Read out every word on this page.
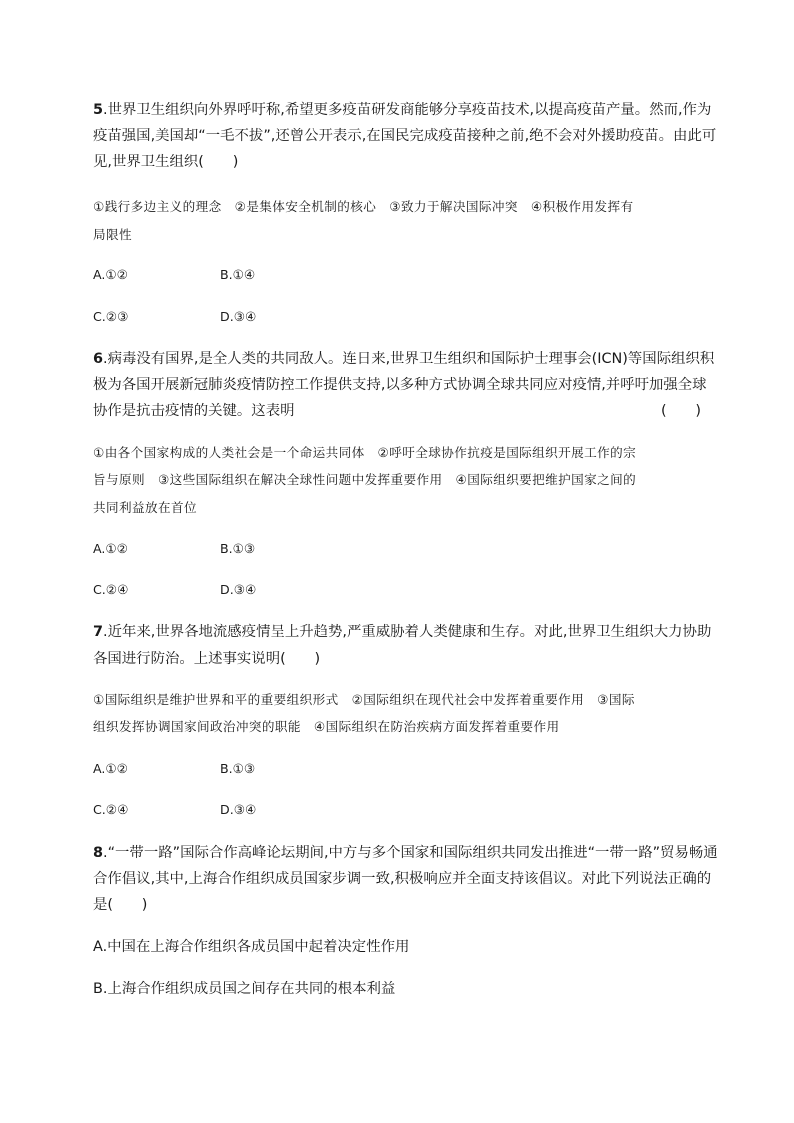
5.世界卫生组织向外界呼吁称,希望更多疫苗研发商能够分享疫苗技术,以提高疫苗产量。然而,作为
疫苗强国,美国却“一毛不拔”,还曾公开表示,在国民完成疫苗接种之前,绝不会对外援助疫苗。由此可
见,世界卫生组织(　　)
①践行多边主义的理念　②是集体安全机制的核心　③致力于解决国际冲突　④积极作用发挥有
局限性
A.①②	B.①④
C.②③	D.③④
6.病毒没有国界,是全人类的共同敌人。连日来,世界卫生组织和国际护士理事会(ICN)等国际组织积
极为各国开展新冠肺炎疫情防控工作提供支持,以多种方式协调全球共同应对疫情,并呼吁加强全球
协作是抗击疫情的关键。这表明	(　　)
①由各个国家构成的人类社会是一个命运共同体　②呼吁全球协作抗疫是国际组织开展工作的宗
旨与原则　③这些国际组织在解决全球性问题中发挥重要作用　④国际组织要把维护国家之间的
共同利益放在首位
A.①②	B.①③
C.②④	D.③④
7.近年来,世界各地流感疫情呈上升趋势,严重威胁着人类健康和生存。对此,世界卫生组织大力协助
各国进行防治。上述事实说明(　　)
①国际组织是维护世界和平的重要组织形式　②国际组织在现代社会中发挥着重要作用　③国际
组织发挥协调国家间政治冲突的职能　④国际组织在防治疾病方面发挥着重要作用
A.①②	B.①③
C.②④	D.③④
8.“一带一路”国际合作高峰论坛期间,中方与多个国家和国际组织共同发出推进“一带一路”贸易畅通
合作倡议,其中,上海合作组织成员国家步调一致,积极响应并全面支持该倡议。对此下列说法正确的
是(　　)
A.中国在上海合作组织各成员国中起着决定性作用
B.上海合作组织成员国之间存在共同的根本利益
